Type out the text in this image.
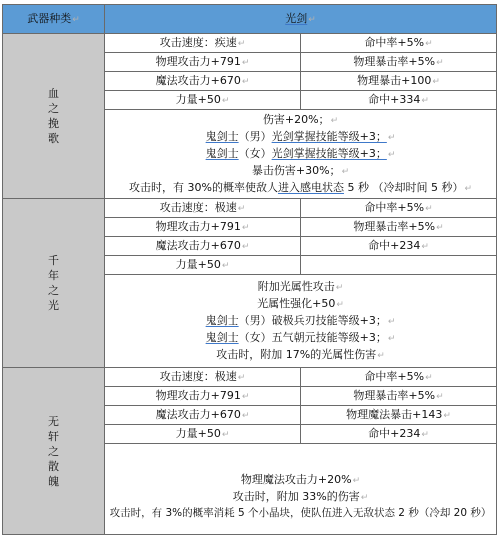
武器种类↵	光剑↵	

血之挽歌	攻击速度：疾速↵	命中率+5%↵
	物理攻击力+791↵	物理暴击率+5%↵
	魔法攻击力+670↵	物理暴击+100↵
	力量+50↵	命中+334↵

	伤害+20%；↵
鬼剑士（男）光剑掌握技能等级+3；↵
鬼剑士（女）光剑掌握技能等级+3；↵
暴击伤害+30%；↵
攻击时，有 30%的概率使敌人进入感电状态 5 秒 （冷却时间 5 秒）↵	

千年之光	攻击速度：极速↵	命中率+5%↵
	物理攻击力+791↵	物理暴击率+5%↵
	魔法攻击力+670↵	命中+234↵
	力量+50↵	

	附加光属性攻击↵
光属性强化+50↵
鬼剑士（男）破极兵刃技能等级+3；↵
鬼剑士（女）五气朝元技能等级+3；↵
攻击时，附加 17%的光属性伤害↵	

无轩之散魄	攻击速度：极速↵	命中率+5%↵
	物理攻击力+791↵	物理暴击率+5%↵
	魔法攻击力+670↵	物理魔法暴击+143↵
	力量+50↵	命中+234↵

	物理魔法攻击力+20%↵
攻击时，附加 33%的伤害↵
攻击时，有 3%的概率消耗 5 个小晶块，使队伍进入无敌状态 2 秒（冷却 20 秒）	
